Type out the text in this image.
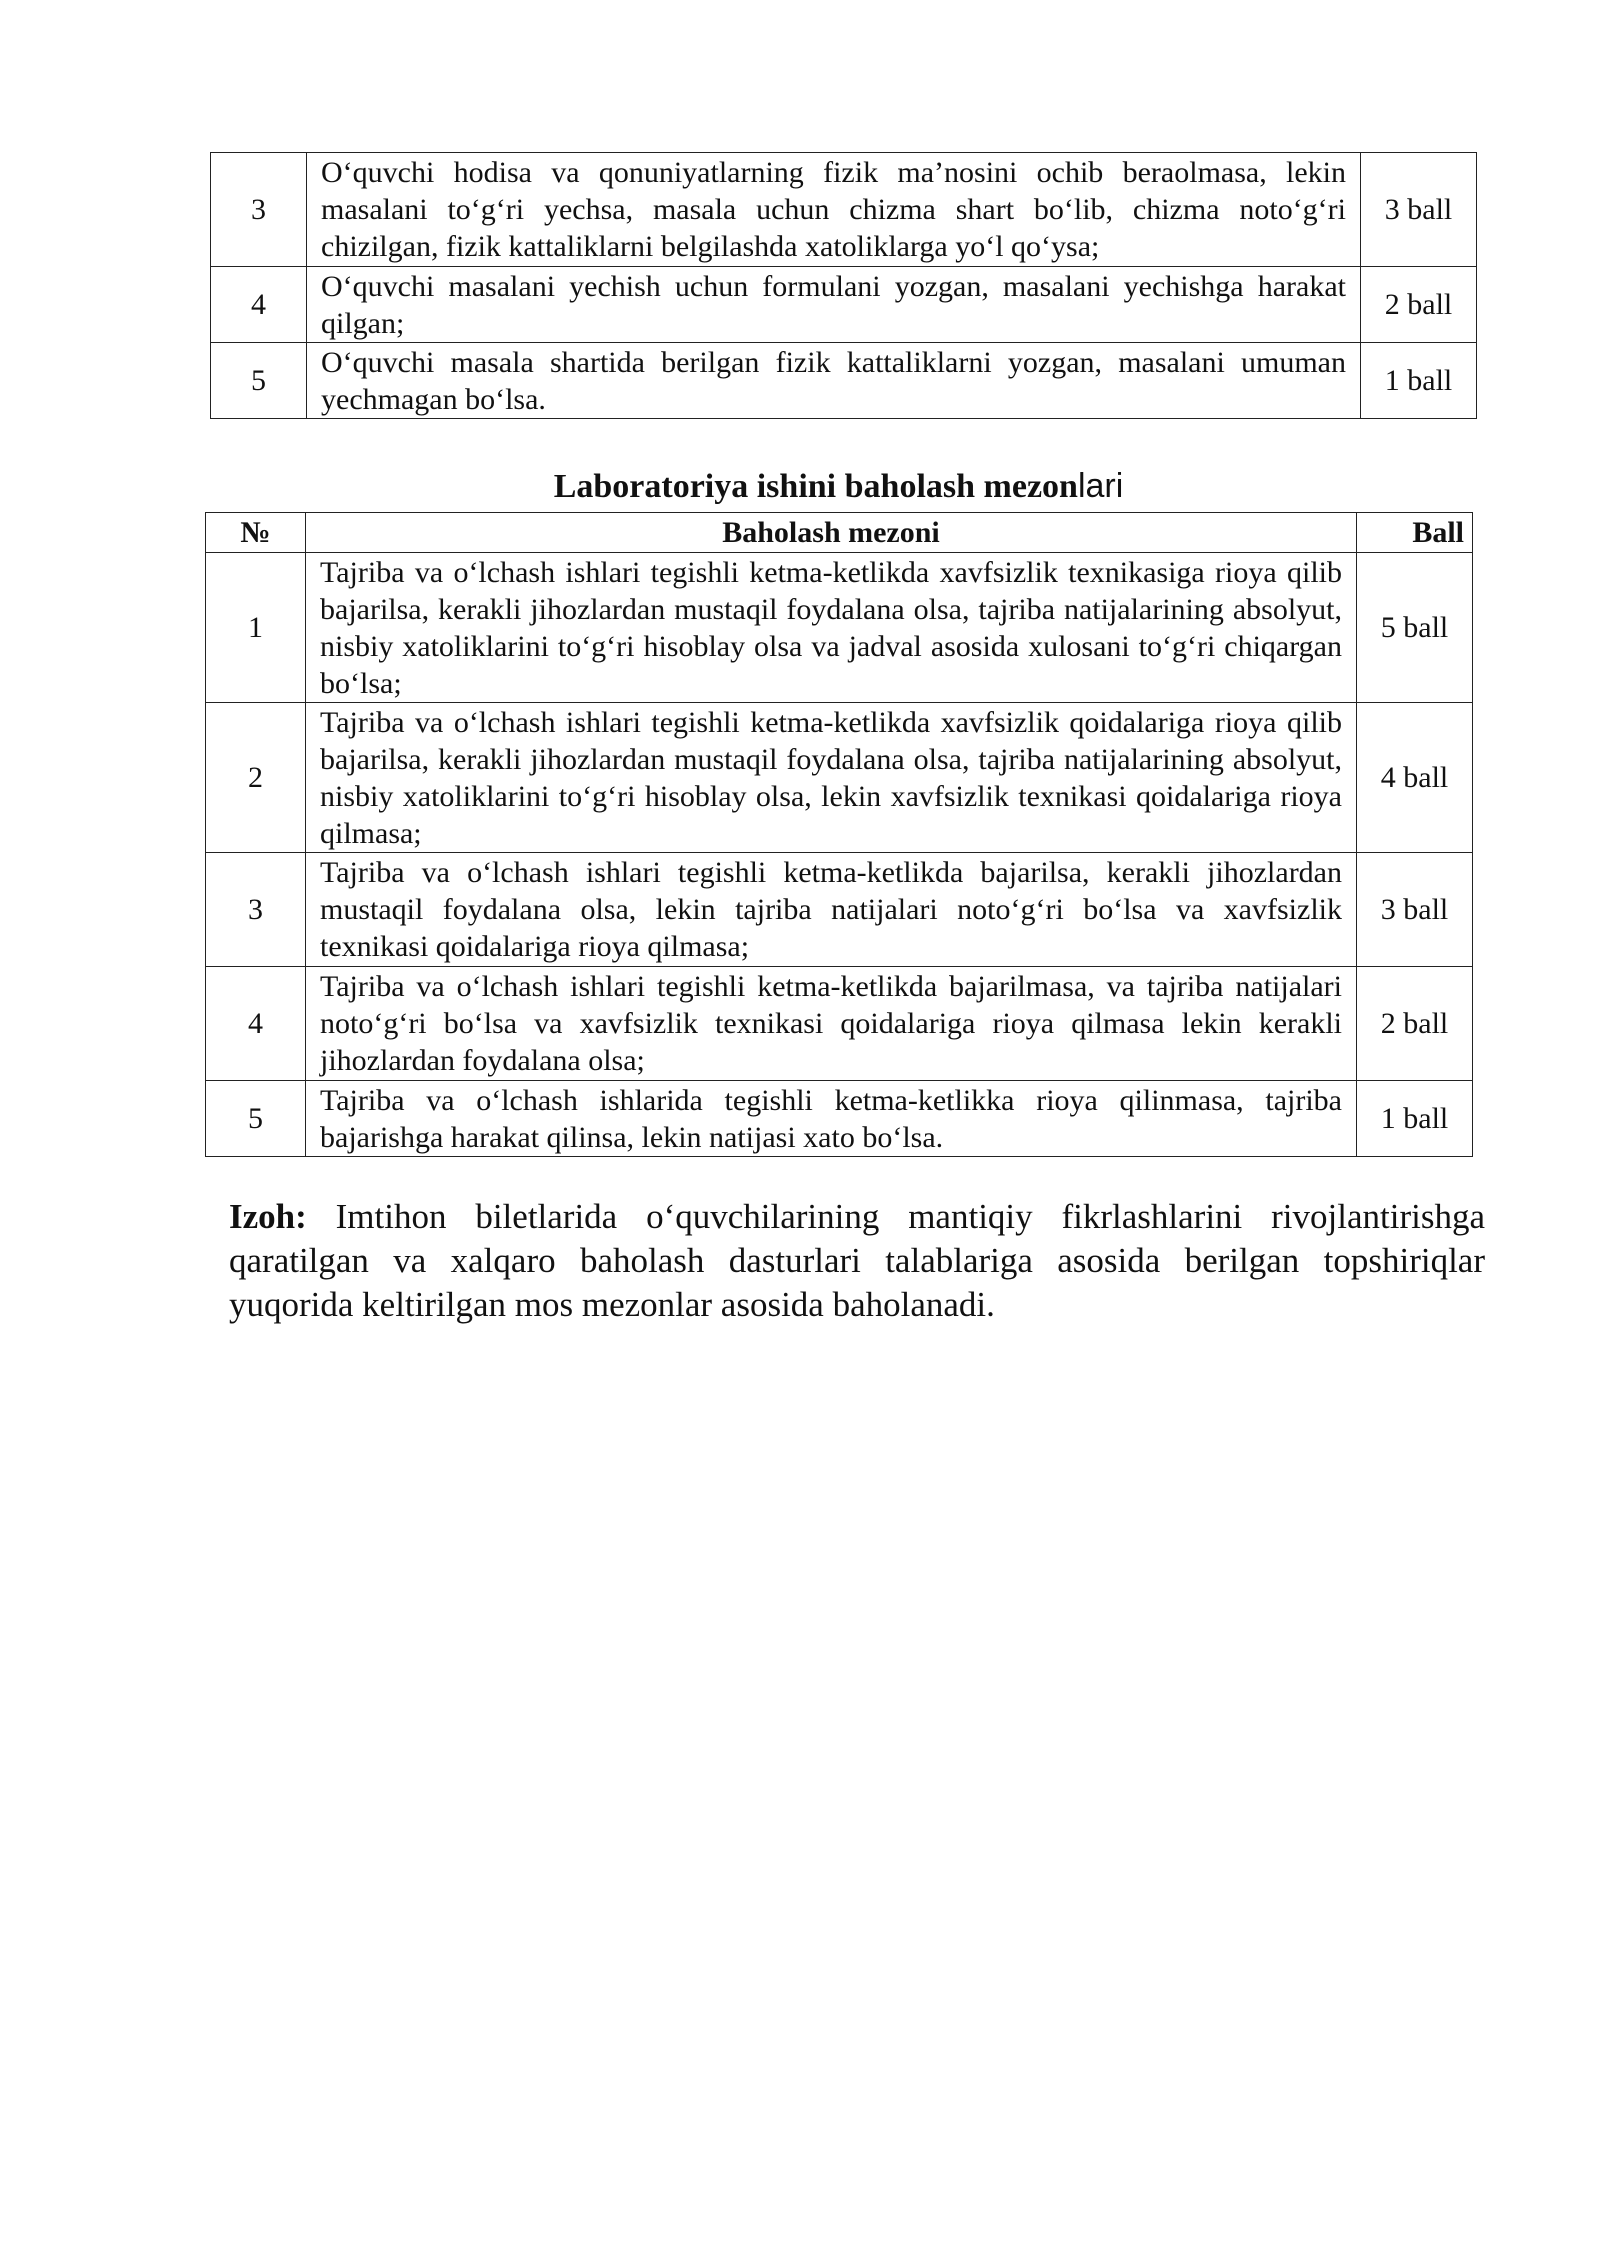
3	O‘quvchi hodisa va qonuniyatlarning fizik ma’nosini ochib beraolmasa, lekin masalani to‘g‘ri yechsa, masala uchun chizma shart bo‘lib, chizma noto‘g‘ri chizilgan, fizik kattaliklarni belgilashda xatoliklarga yo‘l qo‘ysa;	3 ball
4	O‘quvchi masalani yechish uchun formulani yozgan, masalani yechishga harakat qilgan;	2 ball
5	O‘quvchi masala shartida berilgan fizik kattaliklarni yozgan, masalani umuman yechmagan bo‘lsa.	1 ball
Laboratoriya ishini baholash mezonlari
№	Baholash mezoni	Ball
1	Tajriba va o‘lchash ishlari tegishli ketma-ketlikda xavfsizlik texnikasiga rioya qilib bajarilsa, kerakli jihozlardan mustaqil foydalana olsa, tajriba natijalarining absolyut, nisbiy xatoliklarini to‘g‘ri hisoblay olsa va jadval asosida xulosani to‘g‘ri chiqargan bo‘lsa;	5 ball
2	Tajriba va o‘lchash ishlari tegishli ketma-ketlikda xavfsizlik qoidalariga rioya qilib bajarilsa, kerakli jihozlardan mustaqil foydalana olsa, tajriba natijalarining absolyut, nisbiy xatoliklarini to‘g‘ri hisoblay olsa, lekin xavfsizlik texnikasi qoidalariga rioya qilmasa;	4 ball
3	Tajriba va o‘lchash ishlari tegishli ketma-ketlikda bajarilsa, kerakli jihozlardan mustaqil foydalana olsa, lekin tajriba natijalari noto‘g‘ri bo‘lsa va xavfsizlik texnikasi qoidalariga rioya qilmasa;	3 ball
4	Tajriba va o‘lchash ishlari tegishli ketma-ketlikda bajarilmasa, va tajriba natijalari noto‘g‘ri bo‘lsa va xavfsizlik texnikasi qoidalariga rioya qilmasa lekin kerakli jihozlardan foydalana olsa;	2 ball
5	Tajriba va o‘lchash ishlarida tegishli ketma-ketlikka rioya qilinmasa, tajriba bajarishga harakat qilinsa, lekin natijasi xato bo‘lsa.	1 ball

Izoh: Imtihon biletlarida o‘quvchilarining mantiqiy fikrlashlarini rivojlantirishga qaratilgan va xalqaro baholash dasturlari talablariga asosida berilgan topshiriqlar yuqorida keltirilgan mos mezonlar asosida baholanadi.
